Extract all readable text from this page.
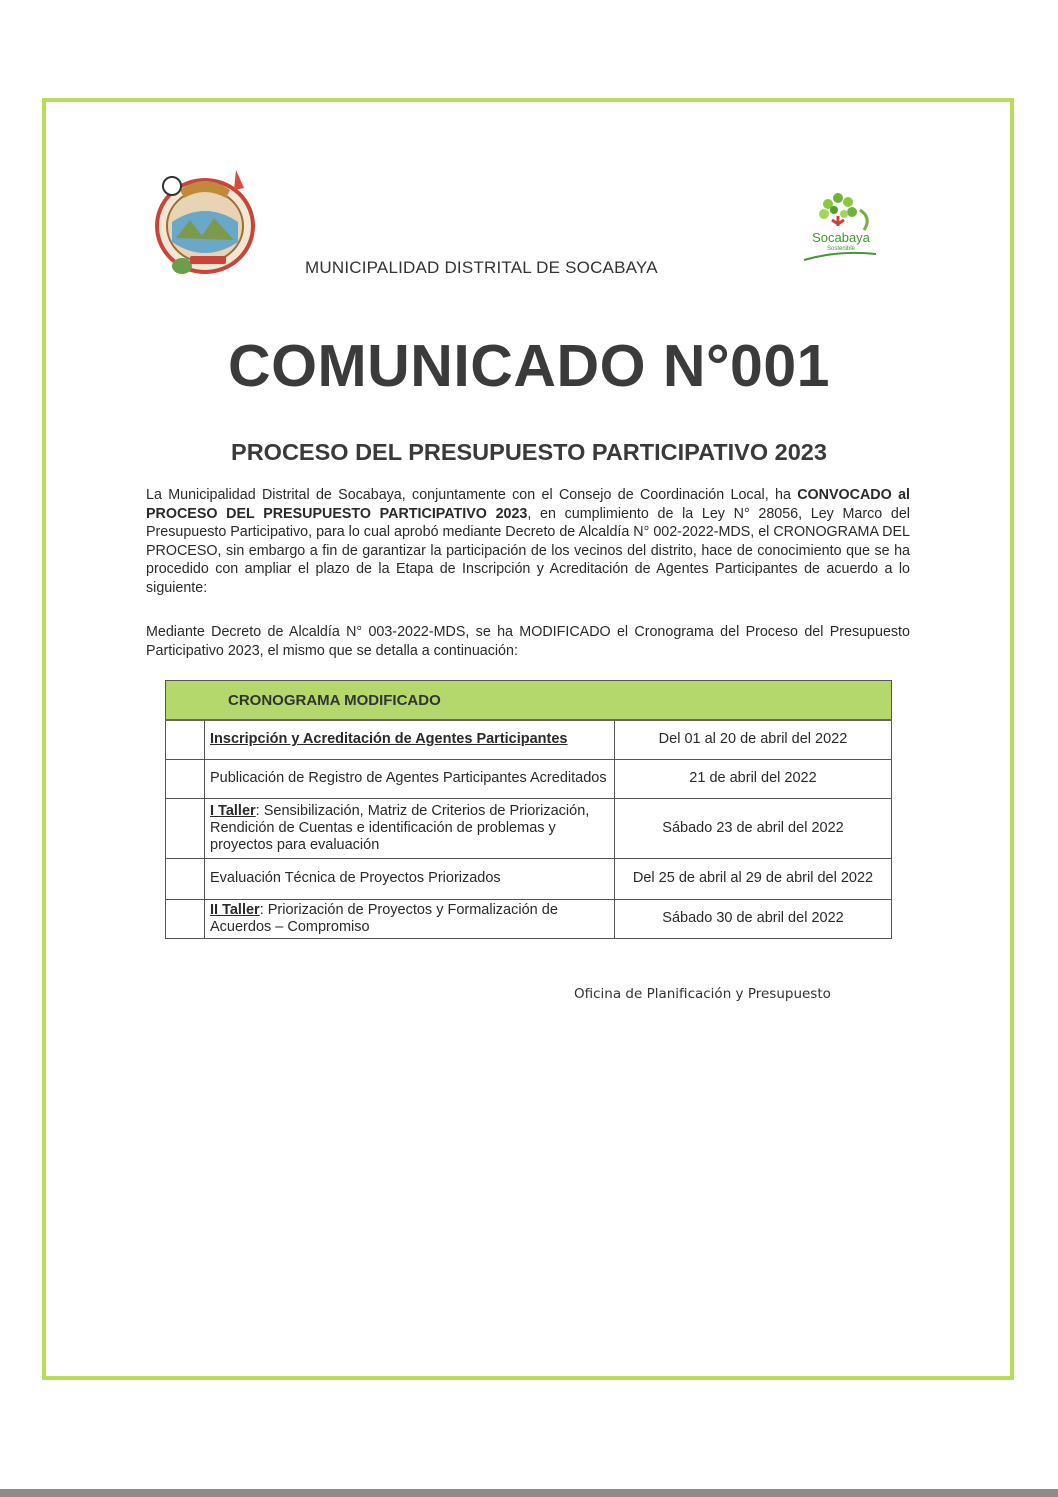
Socabaya
Sostenible
MUNICIPALIDAD DISTRITAL DE SOCABAYA
COMUNICADO N°001
PROCESO DEL PRESUPUESTO PARTICIPATIVO 2023
La Municipalidad Distrital de Socabaya, conjuntamente con el Consejo de Coordinación Local, ha CONVOCADO al PROCESO DEL PRESUPUESTO PARTICIPATIVO 2023, en cumplimiento de la Ley N° 28056, Ley Marco del Presupuesto Participativo, para lo cual aprobó mediante Decreto de Alcaldía N° 002-2022-MDS, el CRONOGRAMA DEL PROCESO, sin embargo a fin de garantizar la participación de los vecinos del distrito, hace de conocimiento que se ha procedido con ampliar el plazo de la Etapa de Inscripción y Acreditación de Agentes Participantes de acuerdo a lo siguiente:
Mediante Decreto de Alcaldía N° 003-2022-MDS, se ha MODIFICADO el Cronograma del Proceso del Presupuesto Participativo 2023, el mismo que se detalla a continuación:
CRONOGRAMA MODIFICADO		
	Inscripción y Acreditación de Agentes Participantes	Del 01 al 20 de abril del 2022
	Publicación de Registro de Agentes Participantes Acreditados	21 de abril del 2022
	I Taller: Sensibilización, Matriz de Criterios de Priorización, Rendición de Cuentas e identificación de problemas y proyectos para evaluación	Sábado 23 de abril del 2022
	Evaluación Técnica de Proyectos Priorizados	Del 25 de abril al 29 de abril del 2022
	II Taller: Priorización de Proyectos y Formalización de Acuerdos – Compromiso	Sábado 30 de abril del 2022
Oficina de Planificación y Presupuesto
